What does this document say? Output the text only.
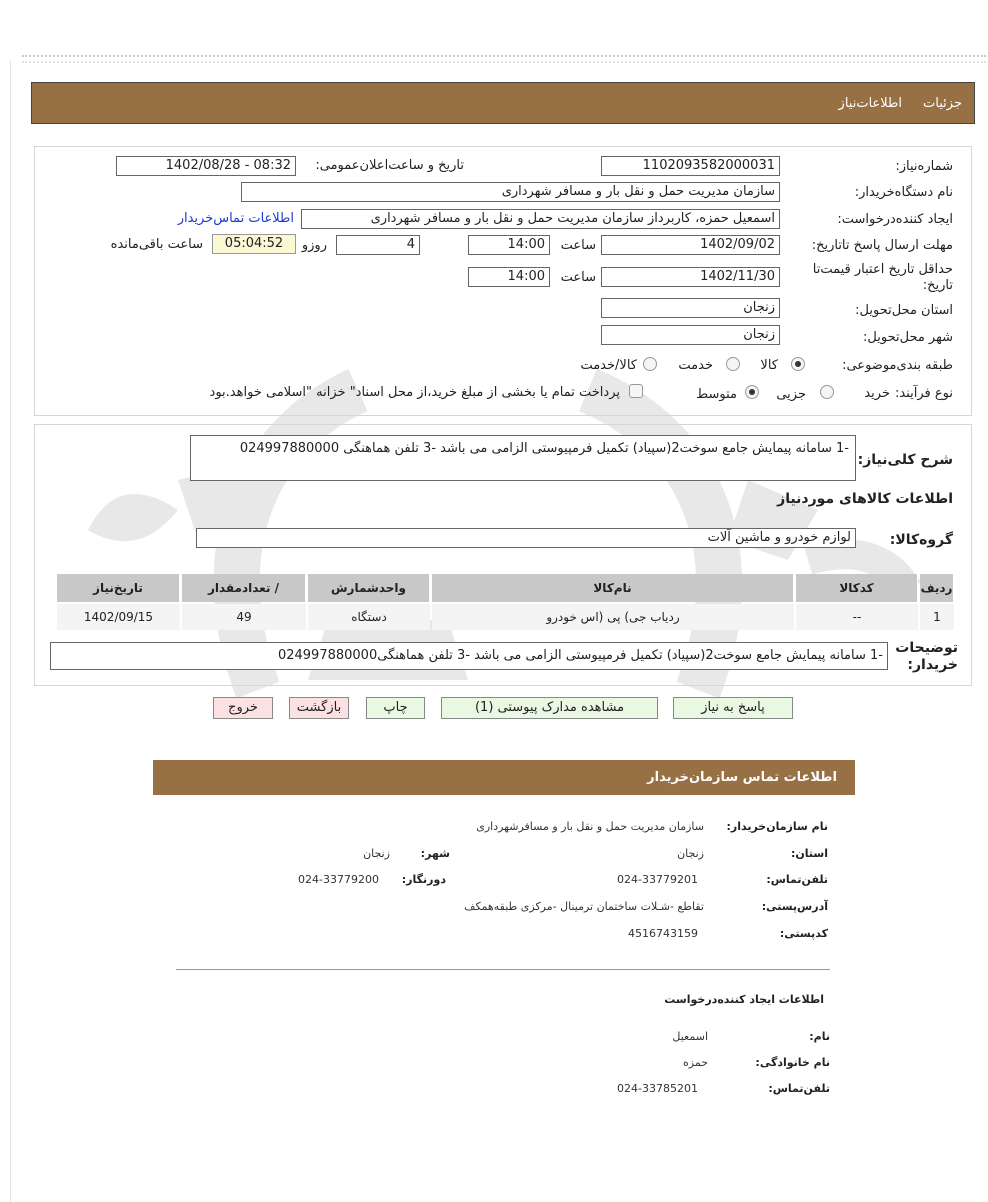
جزئیات
اطلاعات‌نیاز
شماره‌نیاز:
1102093582000031
تاریخ و ساعت‌اعلان‌عمومی:
1402/08/28 - 08:32
نام دستگاه‌خریدار:
سازمان مدیریت حمل و نقل بار و مسافر شهرداری
ایجاد کننده‌درخواست:
اسمعیل حمزه، کاربرداز سازمان مدیریت حمل و نقل بار و مسافر شهرداری
اطلاعات تماس‌خریدار
مهلت ارسال پاسخ تا‌تاریخ:
1402/09/02
ساعت
14:00
4
روزو
05:04:52
ساعت باقی‌مانده
حداقل تاریخ اعتبار قیمت‌تا تاریخ:
1402/11/30
ساعت
14:00
استان محل‌تحویل:
زنجان
شهر محل‌تحویل:
زنجان
طبقه بندی‌موضوعی:
کالا
خدمت
کالا/خدمت
نوع فرآیند:
خرید
جزیی
متوسط
پرداخت تمام یا بخشی از مبلغ خرید،از محل اسناد" خزانه "اسلامی خواهد.بود
شرح کلی‌نیاز:
-1 سامانه پیمایش جامع سوخت2(سپیاد) تکمیل فرمپیوستی الزامی می باشد -3 تلفن هماهنگی 024997880000
اطلاعات کالاهای مورد‌نیاز
گروه‌کالا:
لوازم خودرو و ماشین آلات
ردیف
کدکالا
نام‌کالا
واحدشمارش
تعدادمقدار /
تاریخ‌نیاز
1
--
ردیاب جی) پی (اس خودرو
دستگاه
49
1402/09/15
توضیحات خریدار:
-1 سامانه پیمایش جامع سوخت2(سپیاد) تکمیل فرمپیوستی الزامی می باشد -3 تلفن هماهنگی024997880000
پاسخ به نیاز
مشاهده مدارک پیوستی (1)
چاپ
بازگشت
خروج
اطلاعات تماس سازمان‌خریدار
نام سازمان‌خریدار:
سازمان مدیریت حمل و نقل بار و مسافرشهرداری
استان:
زنجان
شهر:
زنجان
تلفن‌تماس:
024-33779201
دورنگار:
024-33779200
آدرس‌پستی:
تقاطع -شـلات ساختمان ترمینال -مرکزی طبقه‌همکف
کد‌پستی:
4516743159
اطلاعات ایجاد کننده‌درخواست
نام:
اسمعیل
نام خانوادگی:
حمزه
تلفن‌تماس:
024-33785201
